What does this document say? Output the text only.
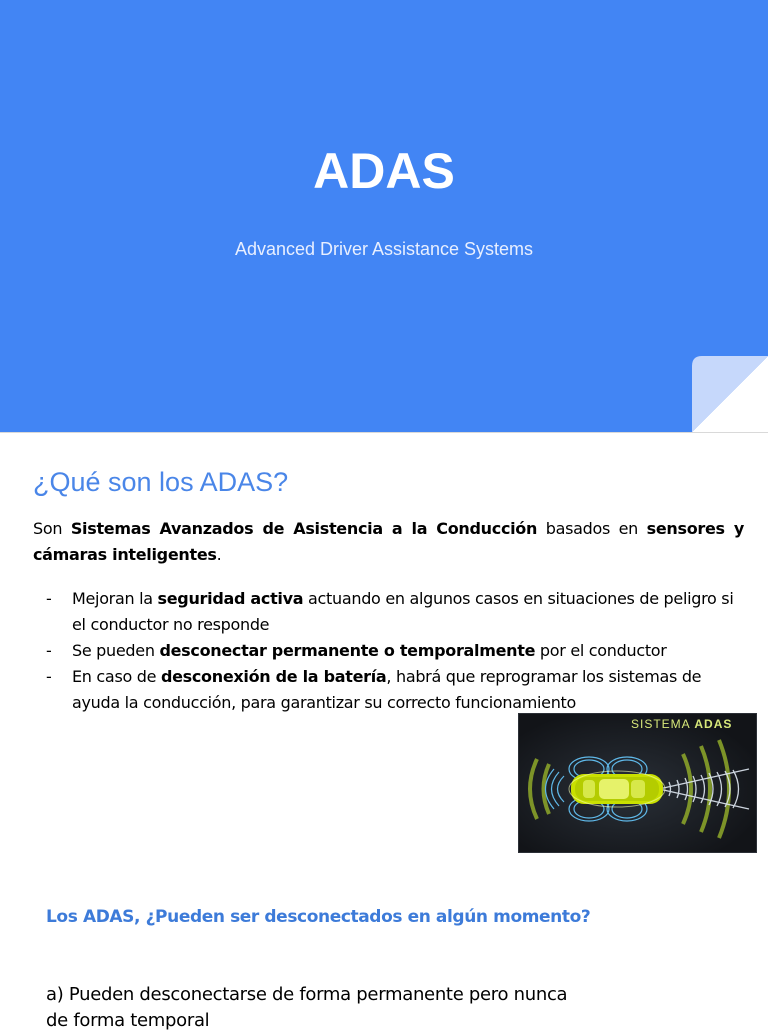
ADAS
Advanced Driver Assistance Systems
¿Qué son los ADAS?

Son Sistemas Avanzados de Asistencia a la Conducción basados en sensores y cámaras inteligentes.

- Mejoran la seguridad activa actuando en algunos casos en situaciones de peligro si el conductor no responde
- Se pueden desconectar permanente o temporalmente por el conductor
- En caso de desconexión de la batería, habrá que reprogramar los sistemas de ayuda la conducción, para garantizar su correcto funcionamiento
SISTEMA ADAS
Los ADAS, ¿Pueden ser desconectados en algún momento?
a) Pueden desconectarse de forma permanente pero nunca de forma temporal
